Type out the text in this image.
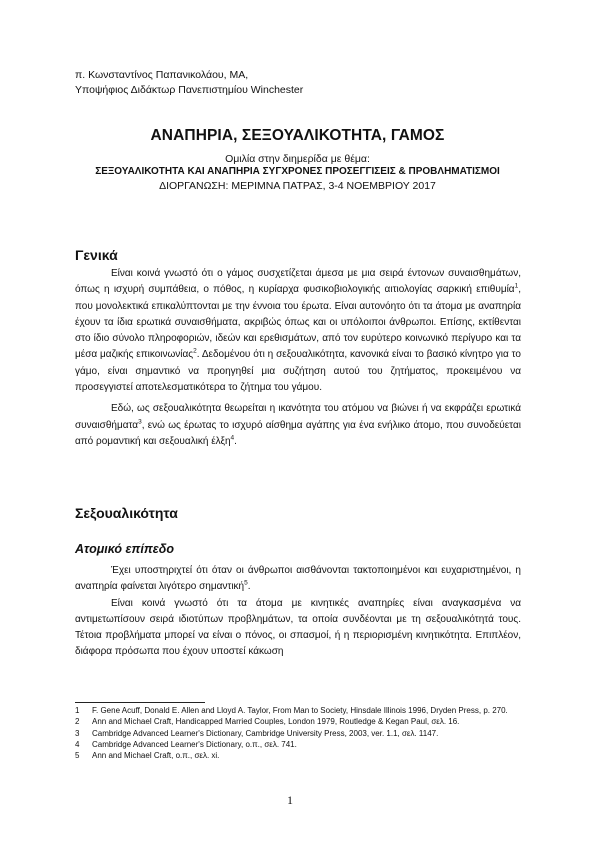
π. Κωνσταντίνος Παπανικολάου, ΜΑ,
Υποψήφιος Διδάκτωρ Πανεπιστημίου Winchester
ΑΝΑΠΗΡΙΑ, ΣΕΞΟΥΑΛΙΚΟΤΗΤΑ, ΓΑΜΟΣ
Ομιλία στην διημερίδα με θέμα:
ΣΕΞΟΥΑΛΙΚΟΤΗΤΑ ΚΑΙ ΑΝΑΠΗΡΙΑ ΣΥΓΧΡΟΝΕΣ ΠΡΟΣΕΓΓΙΣΕΙΣ & ΠΡΟΒΛΗΜΑΤΙΣΜΟΙ
ΔΙΟΡΓΑΝΩΣΗ: ΜΕΡΙΜΝΑ ΠΑΤΡΑΣ, 3-4 ΝΟΕΜΒΡΙΟΥ 2017
Γενικά

Είναι κοινά γνωστό ότι ο γάμος συσχετίζεται άμεσα με μια σειρά έντονων συναισθημάτων, όπως η ισχυρή συμπάθεια, ο πόθος, η κυρίαρχα φυσικοβιολογικής αιτιολογίας σαρκική επιθυμία$^1$, που μονολεκτικά επικαλύπτονται με την έννοια του έρωτα. Είναι αυτονόητο ότι τα άτομα με αναπηρία έχουν τα ίδια ερωτικά συναισθήματα, ακριβώς όπως και οι υπόλοιποι άνθρωποι. Επίσης, εκτίθενται στο ίδιο σύνολο πληροφοριών, ιδεών και ερεθισμάτων, από τον ευρύτερο κοινωνικό περίγυρο και τα μέσα μαζικής επικοινωνίας$^2$. Δεδομένου ότι η σεξουαλικότητα, κανονικά είναι το βασικό κίνητρο για το γάμο, είναι σημαντικό να προηγηθεί μια συζήτηση αυτού του ζητήματος, προκειμένου να προσεγγιστεί αποτελεσματικότερα το ζήτημα του γάμου.

Εδώ, ως σεξουαλικότητα θεωρείται η ικανότητα του ατόμου να βιώνει ή να εκφράζει ερωτικά συναισθήματα$^3$, ενώ ως έρωτας το ισχυρό αίσθημα αγάπης για ένα ενήλικο άτομο, που συνοδεύεται από ρομαντική και σεξουαλική έλξη$^4$.

Σεξουαλικότητα
Ατομικό επίπεδο

Έχει υποστηριχτεί ότι όταν οι άνθρωποι αισθάνονται τακτοποιημένοι και ευχαριστημένοι, η αναπηρία φαίνεται λιγότερο σημαντική$^5$.

Είναι κοινά γνωστό ότι τα άτομα με κινητικές αναπηρίες είναι αναγκασμένα να αντιμετωπίσουν σειρά ιδιοτύπων προβλημάτων, τα οποία συνδέονται με τη σεξουαλικότητά τους. Τέτοια προβλήματα μπορεί να είναι ο πόνος, οι σπασμοί, ή η περιορισμένη κινητικότητα. Επιπλέον, διάφορα πρόσωπα που έχουν υποστεί κάκωση

1	F. Gene Acuff, Donald E. Allen and Lloyd A. Taylor, From Man to Society, Hinsdale Illinois 1996, Dryden Press, p. 270.
2	Ann and Michael Craft, Handicapped Married Couples, London 1979, Routledge & Kegan Paul, σελ. 16.
3	Cambridge Advanced Learner's Dictionary, Cambridge University Press, 2003, ver. 1.1, σελ. 1147.
4	Cambridge Advanced Learner's Dictionary, ο.π., σελ. 741.
5	Ann and Michael Craft, ο.π., σελ. xi.
1
